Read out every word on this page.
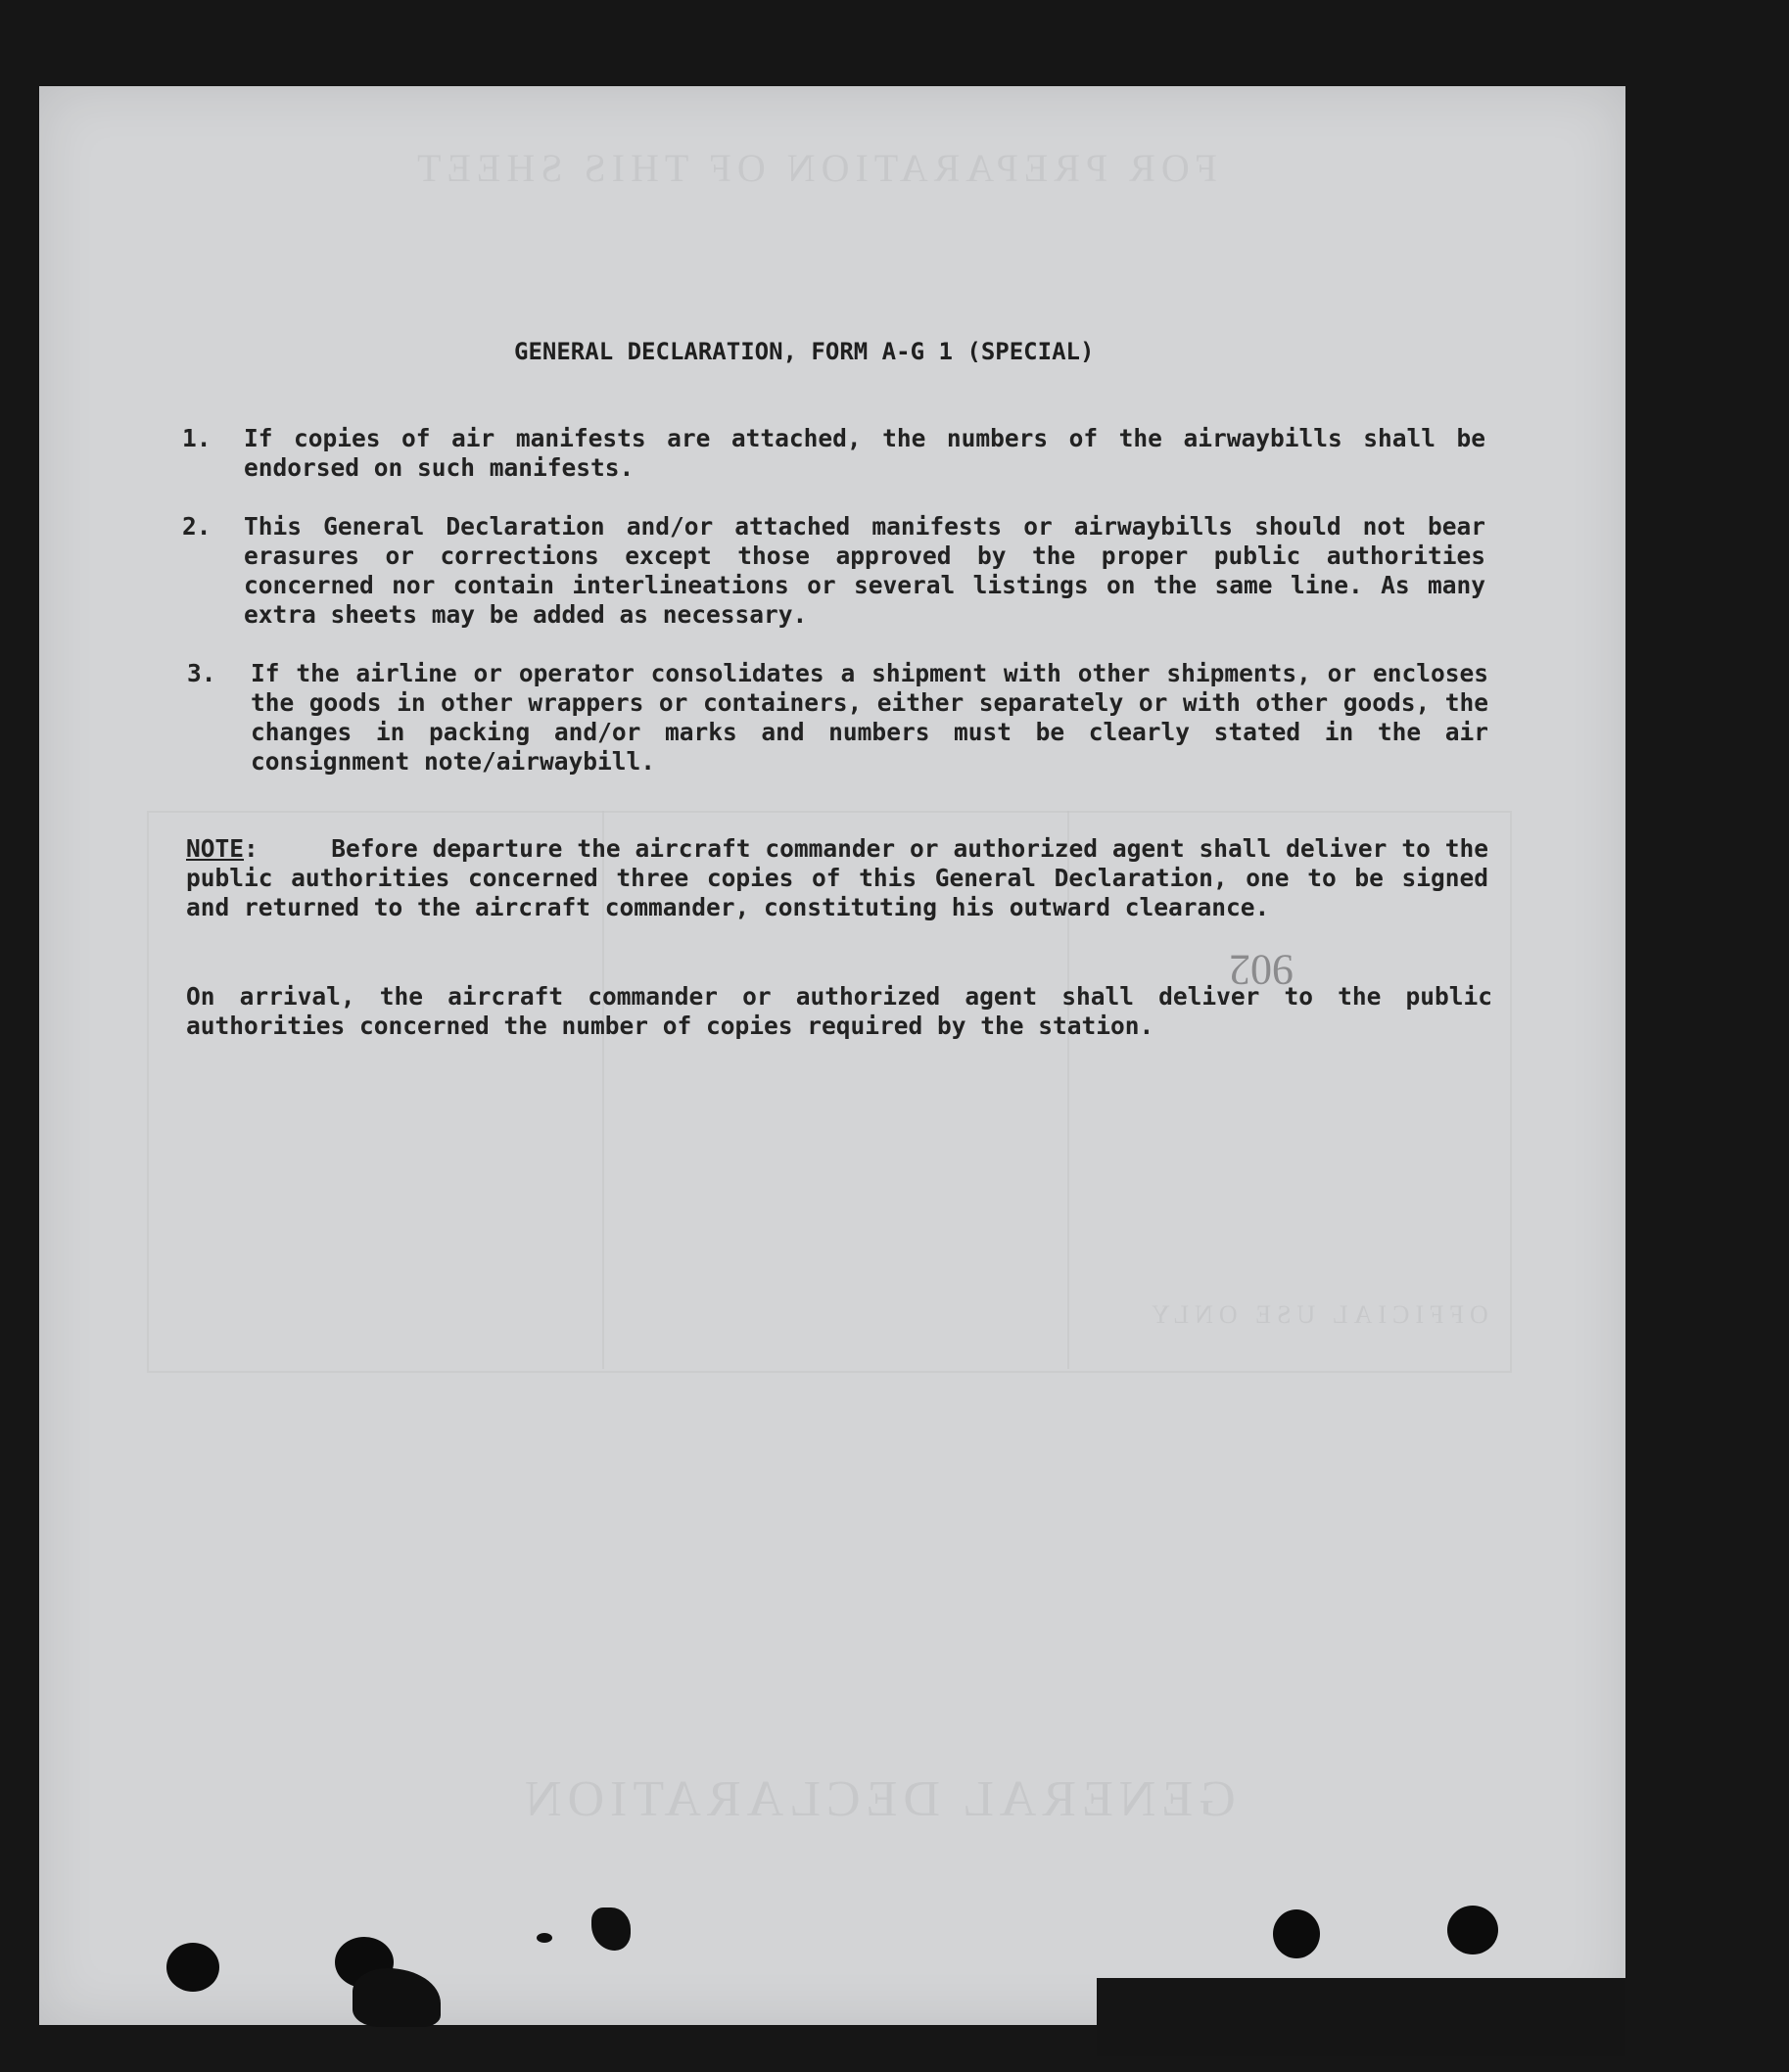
FOR PREPARATION OF THIS SHEET
GENERAL DECLARATION
OFFICIAL USE ONLY
GENERAL DECLARATION, FORM A-G 1 (SPECIAL)
1. If copies of air manifests are attached, the numbers of the airwaybills shall be endorsed on such manifests.
2. This General Declaration and/or attached manifests or airwaybills should not bear erasures or corrections except those approved by the proper public authorities concerned nor contain interlineations or several listings on the same line. As many extra sheets may be added as necessary.
3. If the airline or operator consolidates a shipment with other shipments, or encloses the goods in other wrappers or containers, either separately or with other goods, the changes in packing and/or marks and numbers must be clearly stated in the air consignment note/airwaybill.
NOTE:     Before departure the aircraft commander or authorized agent shall deliver to the public authorities concerned three copies of this General Declaration, one to be signed and returned to the aircraft commander, constituting his outward clearance.
On arrival, the aircraft commander or authorized agent shall deliver to the public authorities concerned the number of copies required by the station.
902
